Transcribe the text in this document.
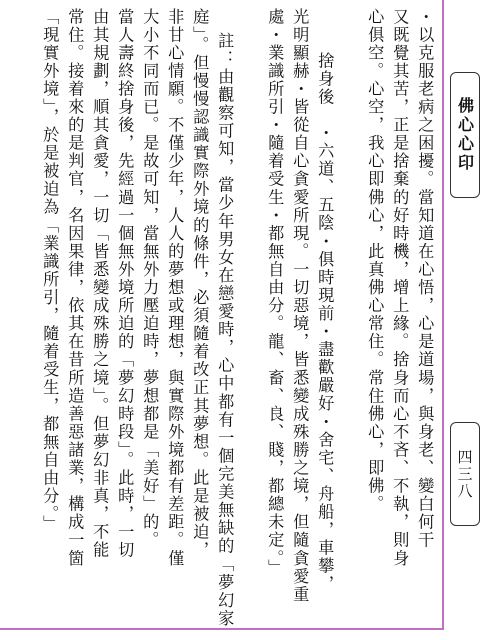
・以克服老病之困擾。當知道在心悟，心是道場，與身老、變白何干
又既覺其苦，正是捨棄的好時機，增上緣。捨身而心不吝、不執，則身
心俱空。心空，我心即佛心，此真佛心常住。常住佛心，即佛。
捨身後　・六道、五陰・俱時現前・盡歡嚴好・舍宅、舟船，車攀，
光明顯赫・皆從自心貪愛所現。一切惡境，皆悉變成殊勝之境，但隨貪愛重
處・業識所引・隨着受生・都無自由分。龍、畜、良、賤，都總未定。」
註：由觀察可知，當少年男女在戀愛時，心中都有一個完美無缺的「夢幻家
庭」。但慢慢認識實際外境的條件，必須隨着改正其夢想。此是被迫，
非甘心情願。不僅少年，人人的夢想或理想，與實際外境都有差距。僅
大小不同而已。是故可知，當無外力壓迫時，夢想都是「美好」的。
當人壽終捨身後，先經過一個無外境所迫的「夢幻時段」。此時，一切
由其規劃，順其貪愛，一切「皆悉變成殊勝之境」。但夢幻非真，不能
常住。接着來的是判官，名因果律，依其在昔所造善惡諸業，構成一箇
「現實外境」，於是被迫為「業識所引，隨着受生，都無自由分。」	佛心心印
四三八
